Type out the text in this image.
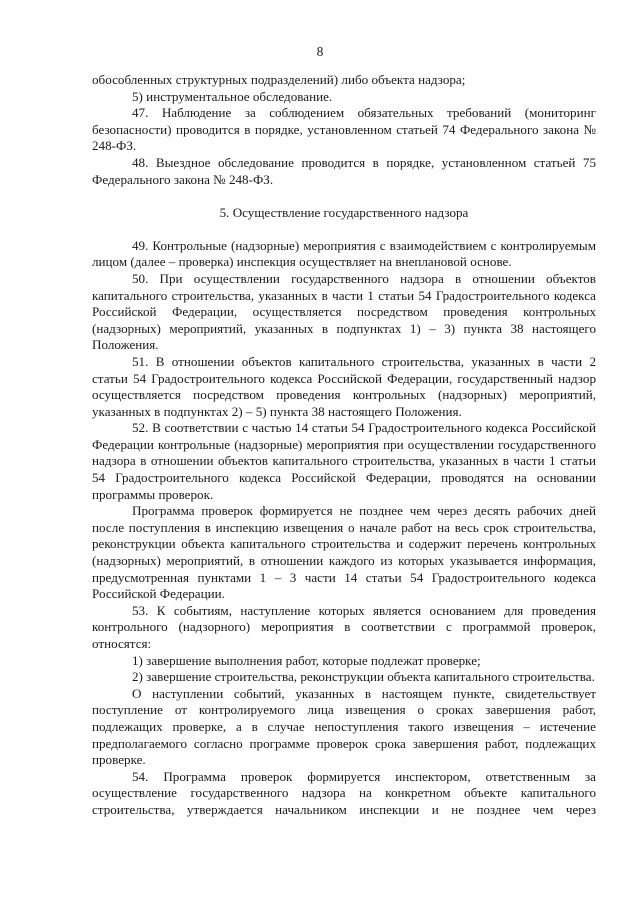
8

обособленных структурных подразделений) либо объекта надзора;

5) инструментальное обследование.

47. Наблюдение за соблюдением обязательных требований (мониторинг безопасности) проводится в порядке, установленном статьей 74 Федерального закона № 248-ФЗ.

48. Выездное обследование проводится в порядке, установленном статьей 75 Федерального закона № 248-ФЗ.

5. Осуществление государственного надзора

49. Контрольные (надзорные) мероприятия с взаимодействием с контролируемым лицом (далее – проверка) инспекция осуществляет на внеплановой основе.

50. При осуществлении государственного надзора в отношении объектов капитального строительства, указанных в части 1 статьи 54 Градостроительного кодекса Российской Федерации, осуществляется посредством проведения контрольных (надзорных) мероприятий, указанных в подпунктах 1) – 3) пункта 38 настоящего Положения.

51. В отношении объектов капитального строительства, указанных в части 2 статьи 54 Градостроительного кодекса Российской Федерации, государственный надзор осуществляется посредством проведения контрольных (надзорных) мероприятий, указанных в подпунктах 2) – 5) пункта 38 настоящего Положения.

52. В соответствии с частью 14 статьи 54 Градостроительного кодекса Российской Федерации контрольные (надзорные) мероприятия при осуществлении государственного надзора в отношении объектов капитального строительства, указанных в части 1 статьи 54 Градостроительного кодекса Российской Федерации, проводятся на основании программы проверок.

Программа проверок формируется не позднее чем через десять рабочих дней после поступления в инспекцию извещения о начале работ на весь срок строительства, реконструкции объекта капитального строительства и содержит перечень контрольных (надзорных) мероприятий, в отношении каждого из которых указывается информация, предусмотренная пунктами 1 – 3 части 14 статьи 54 Градостроительного кодекса Российской Федерации.

53. К событиям, наступление которых является основанием для проведения контрольного (надзорного) мероприятия в соответствии с программой проверок, относятся:

1) завершение выполнения работ, которые подлежат проверке;

2) завершение строительства, реконструкции объекта капитального строительства.

О наступлении событий, указанных в настоящем пункте, свидетельствует поступление от контролируемого лица извещения о сроках завершения работ, подлежащих проверке, а в случае непоступления такого извещения – истечение предполагаемого согласно программе проверок срока завершения работ, подлежащих проверке.

54. Программа проверок формируется инспектором, ответственным за осуществление государственного надзора на конкретном объекте капитального строительства, утверждается начальником инспекции и не позднее чем через
